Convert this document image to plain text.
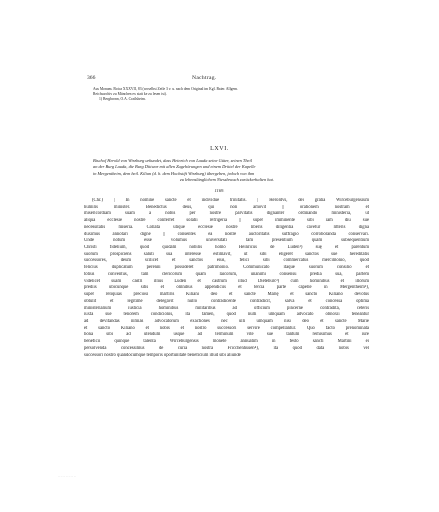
366	Nachtrag.
Aus Monum. Boica XXXVII, 83 (woselbst Zeile 3 v. u. nach dem Original im Kgl. Baier. Allgem.
Reichsarchiv zu München ex statt ke zu lesen ist).
1) Bergbronn, O.A. Crailsheim.
LXVI.
Bischof Herold von Wirzburg urkundet, dass Heinrich von Lauda seine Güter, seinen Theil
an der Burg Lauda, die Burg Dittwar mit allen Zugehörungen und einem Drittel der Kapelle
in Mergentheim, dem heil. Kilian (d. h. dem Hochstift Wirzburg) übergeben, jedoch von ihm
zu lebenslänglichem Niessbrauch zurückerhalten hat.
1169.
(Chr.) | In nomine sancte et individue trinitatis. | Heroldvs, dei gratia Wirceburgensium
humilis minister. Benedictus deus, qui non amovit || orationem nostram et
misericordiam suam a nobis per nostre parvitatis dignanter ordinando ministeria, ut
aliqua ecclesie nostre conferret solatii refrigeria || super imminente sibi iam diu sue
necessitatis miseria. Collata utique ecclesie nostre liberis diligentia cavetur litteris digna
duximus annotari digne || consentes ea nostre auctoritatis suffragio corroboranda conservari.
Unde notum esse volumus universitati tam presentium quam subsequentium
Christi fidelium, quod quidam nobilis homo Heinricus de Luden¹) suę et parentum
suorum prospiciens saluti sua interesse estimavit, ut sibi eligeret sanctos sue hereditatis
successores, deum scilicet et sanctos eius, felici sibi commercatus mercimonio, quod
felicius duplicatum perenni possideret patrimonio. Communicato itaque suorum consilio et
totius conventus, tam clericorum quam laicorum, unanimi consensu predia sua, partem
videlicet suam castri illius Luden et castrum illud Dieteburc²) cum hominibus et illorum
prediis ubicunque sitis et omnibus appendiciis et tercia parte capelle in Mergentheim³),
super reliquias preciosi martiris Kiliani deo et sancte Marię et sancto Kiliano devotus
obtulit et legitime delegavit nullo contradicente contradicit, salva et concessa optima
ministerialium iusticia hominibus militaribus ad officium pincerne contradita, ceteris
iuxta sue tenorem condicionis, ita tamen, quod nulli umquam advocato obnoxii teneantur
ad devitandas nimias advocatorum exactiones nec ulli umquam nisi deo et sancte Marie
et sancto Kiliano et nobis et nostro successori servire compellantur. Quo facto prenominata
bona sibi ad utendum usque ad terminum vite sue tantum remisimus et iure
beneficii quinque talenta Wirceburgensis monete annuatim in festo sancti Martini ei
persolvenda concessimus de curia nostra Fricchenhusen⁴), ita quod data nobis vel
successori nostro quandocumque temporis oportunitate beneficium illud sibi aliunde
— — — — — — —
